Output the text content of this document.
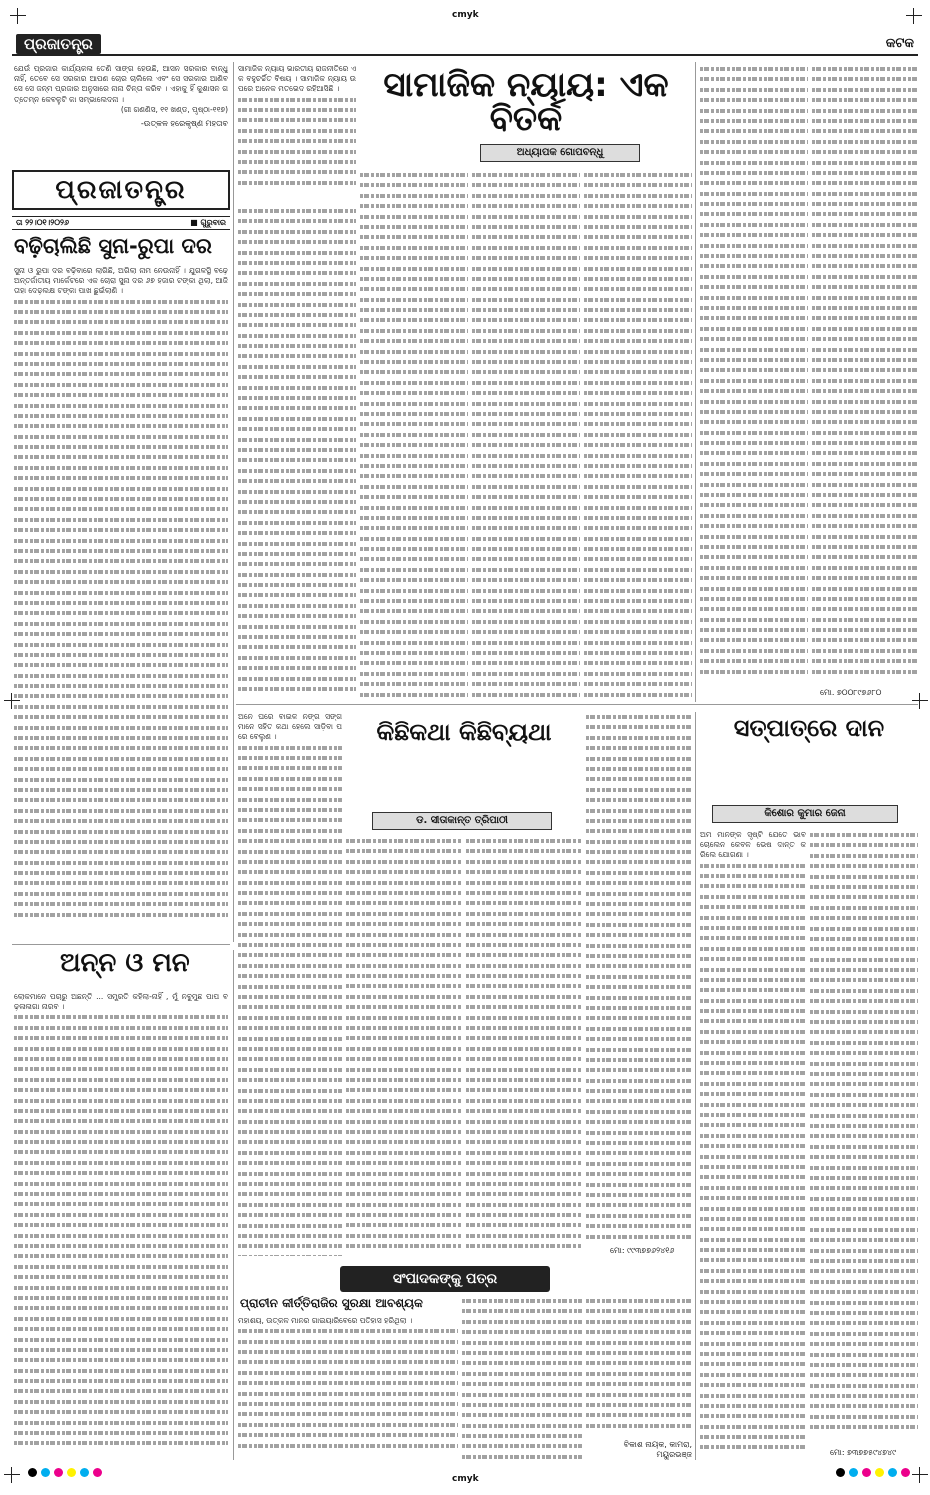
cmyk
cmyk
ପ୍ରଜାତନ୍ତ୍ର	କଟକ

ଯେଉଁ ପ୍ରଜାର କାର୍ଯ୍ୟକଳା ତେଣି ସାଙ୍ଗ ହେଉଛି, ଆସନ ସରକାର ବାନ୍ଧୁ ନାହିଁ, ତେବେ ସେ ସରକାର ଆପଣ ଚୋର ଚାଲିଲେ ଏବଂ ସେ ସରକାର ଆଣିବ ସେ ସେ ଜନ୍ମ ପ୍ରଜାର ଅନୁସାରେ ନାନା ଚିନ୍ତା କରିବ । ଏହାକୁ ହିଁ କୁଶାସନ ଗତ୍ତେମ୍ନ କେବଳୁଟି କା ସମ୍ଭାଲେଦନା ।

(ଗୀ ଗଣଣିସ, ୧୧ ଖଣ୍ଡ, ପୃଷ୍ଠା-୧୧୭)

-ଉତ୍କଳ ହରେକୃଷ୍ଣ ମହତାବ

ପ୍ରଜାତନ୍ତ୍ର
ତା ୨୨।୦୧।୨୦୨୬	■ ଗୁରୁବାର
ବଢ଼ିଚାଲିଛି ସୁନା-ରୁପା ଦର

ସୁନା ଓ ରୁପା ଦର ବଢ଼ିବାରେ ଲାଗିଛି, ଅଗିଲା ନାମ ନେଉନାହିଁ । ଯୁଗଳସ୍ଥି ବଢ଼େ ଅନ୍ତର୍ଜାତୀୟ ମାର୍କେଟରେ ଏକ ଚୋରା ସୁନା ଦର ୬୭ ହଜାର ଟଙ୍କା ଥିଲା, ଆଜି ତାହା ଦେଢ଼ଲକ୍ଷ ଟଙ୍କା ପାଖ ଛୁଇଁଲାଣି ।

ଅନ୍ନ ଓ ମନ

ଲୋକମାନେ ପଚାରୁ ଅଛନ୍ତି ... ସମ୍ପ୍ରତି କହିଲା-ନାହିଁ , ମୁଁ ନବୁମୁଛ ପାପ ବଢ଼ଳାଳାଗା ନାରବ ।

ସାମାଜିକ ନ୍ୟାୟ ଭାରତୀୟ ରାଜନୀତିରେ ଏକ ବହୁଚର୍ଚ୍ଚିତ ବିଷୟ । ସାମାଜିକ ନ୍ୟାୟ ଉପରେ ଅନେକ ମତଭେଦ ରହିଆସିଛି ।	ସାମାଜିକ ନ୍ୟାୟ: ଏକ ବିତର୍କ
ଅଧ୍ୟାପକ ଗୋପବନ୍ଧୁ
ମୋ. ୭୦୦୮୯୭୬୮୦

ଅନେ ଘରେ ବାଇଳ ନଙ୍ଗ ସଙ୍ଗ ମାନେ ସହିତ କଥା ହେଲେ ସାଡ଼ିବା ପରେ ବେଲୁଣ ।	କିଛିକଥା କିଛିବ୍ୟଥା
ଡ. ସୀତାକାନ୍ତ ତ୍ରିପାଠୀ
ମୋ: ୯୯୩୭୭୬୨୪୧୬
ସତ୍ପାତ୍ରେ ଦାନ
କିଶୋର କୁମାର ଜେନା

ଅମ ମାନଙ୍କ ସୃଷ୍ଟି ଯେତେ ଭାବ ଚୋଲେନ କେବଳ ଭେଷ ଦାନ୍ତ କରିଲେ ଯୋଗଣା ।

ମୋ: ୭୩୭୭୫୯୪୭୪୯
ସଂପାଦକଙ୍କୁ ପତ୍ର
ପ୍ରାଚୀନ କୀର୍ତ୍ତିରାଜିର ସୁରକ୍ଷା ଆବଶ୍ୟକ

ମହାଶୟ, ଉତ୍କଳ ମାନର ଗାଇୟାରିବେରେ ପତିହାସ ହରିଥିଲା ।

ବିକାଶ ନାୟକ, କାମରା, ମୟୁରଭଞ୍ଜ
